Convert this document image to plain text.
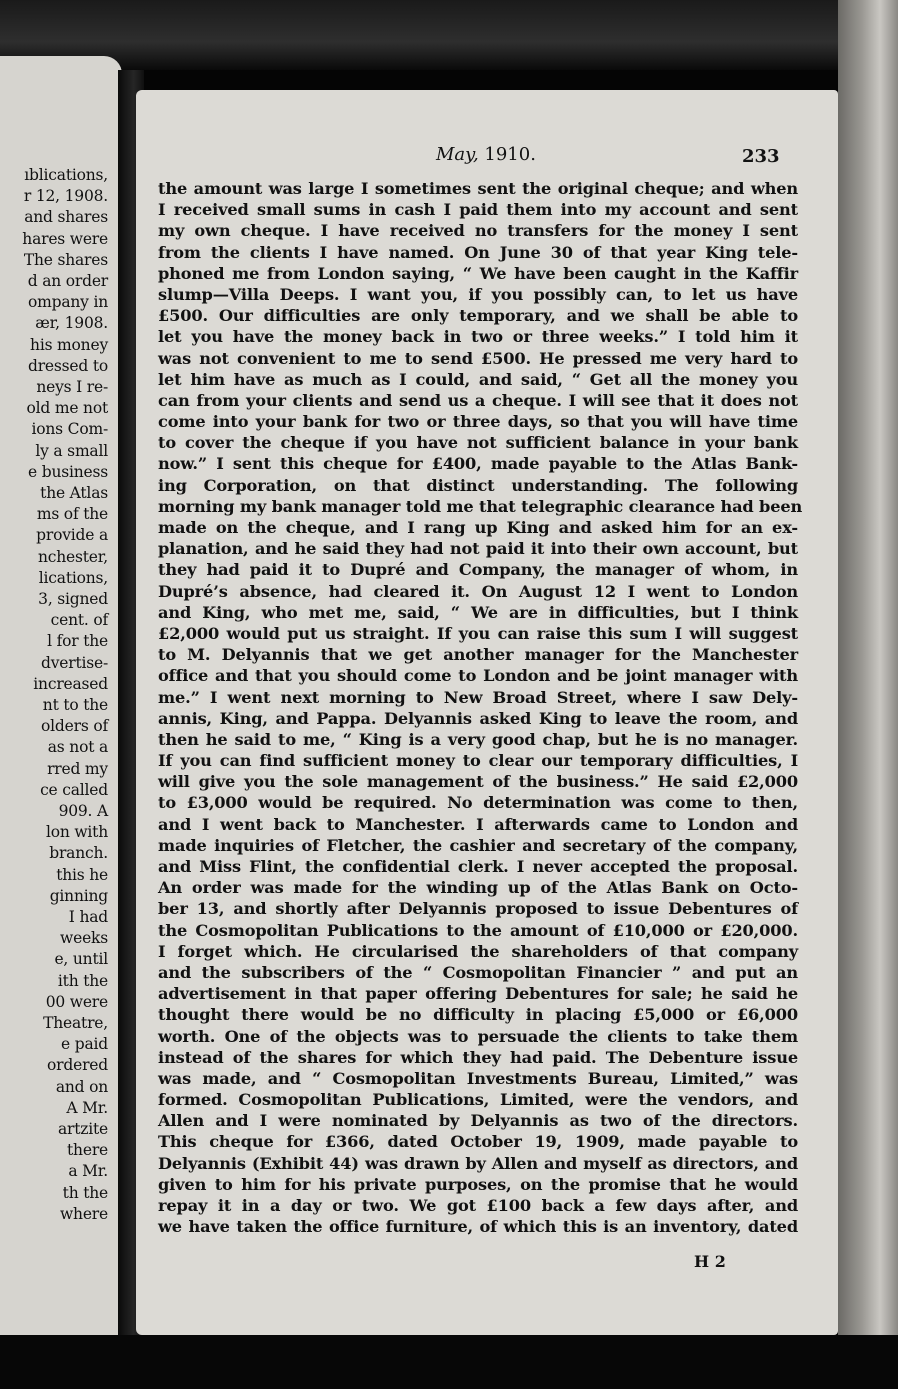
ıblications,
r 12, 1908.
and shares
hares were
The shares
d an order
ompany in
ær, 1908.
his money
dressed to
neys I re-
old me not
ions Com-
ly a small
e business
the Atlas
ms of the
provide a
nchester,
lications,
3, signed
cent. of
l for the
dvertise-
increased
nt to the
olders of
as not a
rred my
ce called
909. A
lon with
branch.
this he
ginning
I had
weeks
e, until
ith the
00 were
Theatre,
e paid
ordered
and on
A Mr.
artzite
there
a Mr.
th the
where
May, 1910.	233
the amount was large I sometimes sent the original cheque; and when
I received small sums in cash I paid them into my account and sent
my own cheque. I have received no transfers for the money I sent
from the clients I have named. On June 30 of that year King tele-
phoned me from London saying, “ We have been caught in the Kaffir
slump—Villa Deeps. I want you, if you possibly can, to let us have
£500. Our difficulties are only temporary, and we shall be able to
let you have the money back in two or three weeks.” I told him it
was not convenient to me to send £500. He pressed me very hard to
let him have as much as I could, and said, “ Get all the money you
can from your clients and send us a cheque. I will see that it does not
come into your bank for two or three days, so that you will have time
to cover the cheque if you have not sufficient balance in your bank
now.” I sent this cheque for £400, made payable to the Atlas Bank-
ing Corporation, on that distinct understanding. The following
morning my bank manager told me that telegraphic clearance had been
made on the cheque, and I rang up King and asked him for an ex-
planation, and he said they had not paid it into their own account, but
they had paid it to Dupré and Company, the manager of whom, in
Dupré’s absence, had cleared it. On August 12 I went to London
and King, who met me, said, “ We are in difficulties, but I think
£2,000 would put us straight. If you can raise this sum I will suggest
to M. Delyannis that we get another manager for the Manchester
office and that you should come to London and be joint manager with
me.” I went next morning to New Broad Street, where I saw Dely-
annis, King, and Pappa. Delyannis asked King to leave the room, and
then he said to me, “ King is a very good chap, but he is no manager.
If you can find sufficient money to clear our temporary difficulties, I
will give you the sole management of the business.” He said £2,000
to £3,000 would be required. No determination was come to then,
and I went back to Manchester. I afterwards came to London and
made inquiries of Fletcher, the cashier and secretary of the company,
and Miss Flint, the confidential clerk. I never accepted the proposal.
An order was made for the winding up of the Atlas Bank on Octo-
ber 13, and shortly after Delyannis proposed to issue Debentures of
the Cosmopolitan Publications to the amount of £10,000 or £20,000.
I forget which. He circularised the shareholders of that company
and the subscribers of the “ Cosmopolitan Financier ” and put an
advertisement in that paper offering Debentures for sale; he said he
thought there would be no difficulty in placing £5,000 or £6,000
worth. One of the objects was to persuade the clients to take them
instead of the shares for which they had paid. The Debenture issue
was made, and “ Cosmopolitan Investments Bureau, Limited,” was
formed. Cosmopolitan Publications, Limited, were the vendors, and
Allen and I were nominated by Delyannis as two of the directors.
This cheque for £366, dated October 19, 1909, made payable to
Delyannis (Exhibit 44) was drawn by Allen and myself as directors, and
given to him for his private purposes, on the promise that he would
repay it in a day or two. We got £100 back a few days after, and
we have taken the office furniture, of which this is an inventory, dated
H 2
